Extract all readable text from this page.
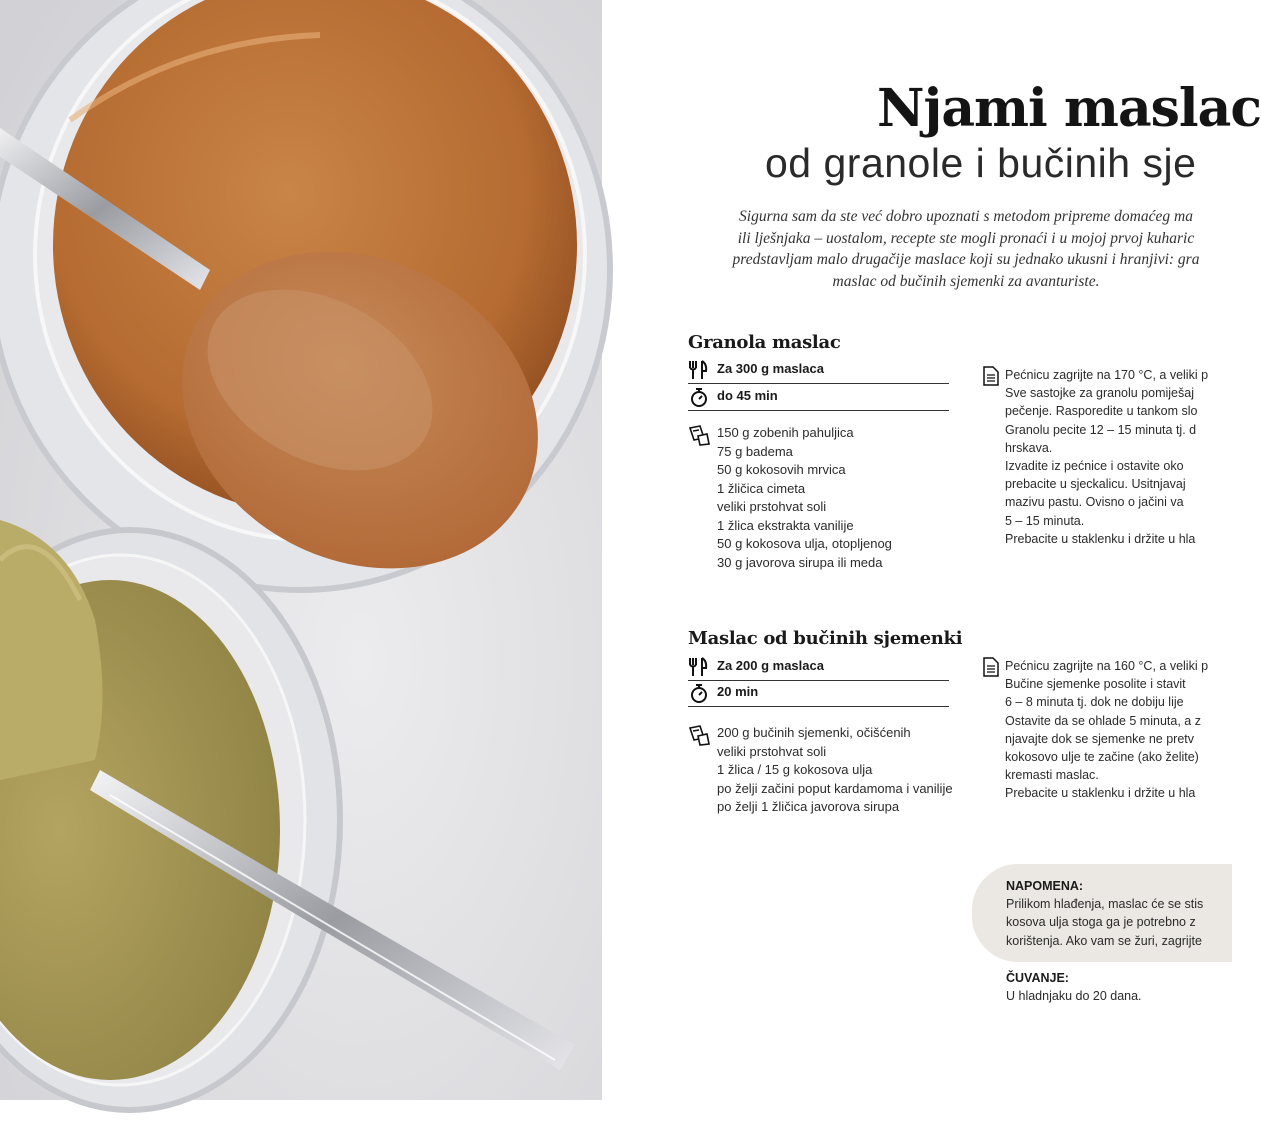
Njami maslac
od granole i bučinih sje

Sigurna sam da ste već dobro upoznati s metodom pripreme domaćeg ma

ili lješnjaka – uostalom, recepte ste mogli pronaći i u mojoj prvoj kuharic

predstavljam malo drugačije maslace koji su jednako ukusni i hranjivi: gra

maslac od bučinih sjemenki za avanturiste.

Granola maslac
Za 300 g maslaca
do 45 min
150 g zobenih pahuljica
75 g badema
50 g kokosovih mrvica
1 žličica cimeta
veliki prstohvat soli
1 žlica ekstrakta vanilije
50 g kokosova ulja, otopljenog
30 g javorova sirupa ili meda

Pećnicu zagrijte na 170 °C, a veliki p

Sve sastojke za granolu pomiješaj

pečenje. Rasporedite u tankom slo

Granolu pecite 12 – 15 minuta tj. d

hrskava.

Izvadite iz pećnice i ostavite oko

prebacite u sjeckalicu. Usitnjavaj

mazivu pastu. Ovisno o jačini va

5 – 15 minuta.

Prebacite u staklenku i držite u hla

Maslac od bučinih sjemenki
Za 200 g maslaca
20 min
200 g bučinih sjemenki, očišćenih
veliki prstohvat soli
1 žlica / 15 g kokosova ulja
po želji začini poput kardamoma i vanilije
po želji 1 žličica javorova sirupa

Pećnicu zagrijte na 160 °C, a veliki p

Bučine sjemenke posolite i stavit

6 – 8 minuta tj. dok ne dobiju lije

Ostavite da se ohlade 5 minuta, a z

njavajte dok se sjemenke ne pretv

kokosovo ulje te začine (ako želite)

kremasti maslac.

Prebacite u staklenku i držite u hla

NAPOMENA:
Prilikom hlađenja, maslac će se stis
kosova ulja stoga ga je potrebno z
korištenja. Ako vam se žuri, zagrijte
ČUVANJE:
U hladnjaku do 20 dana.
